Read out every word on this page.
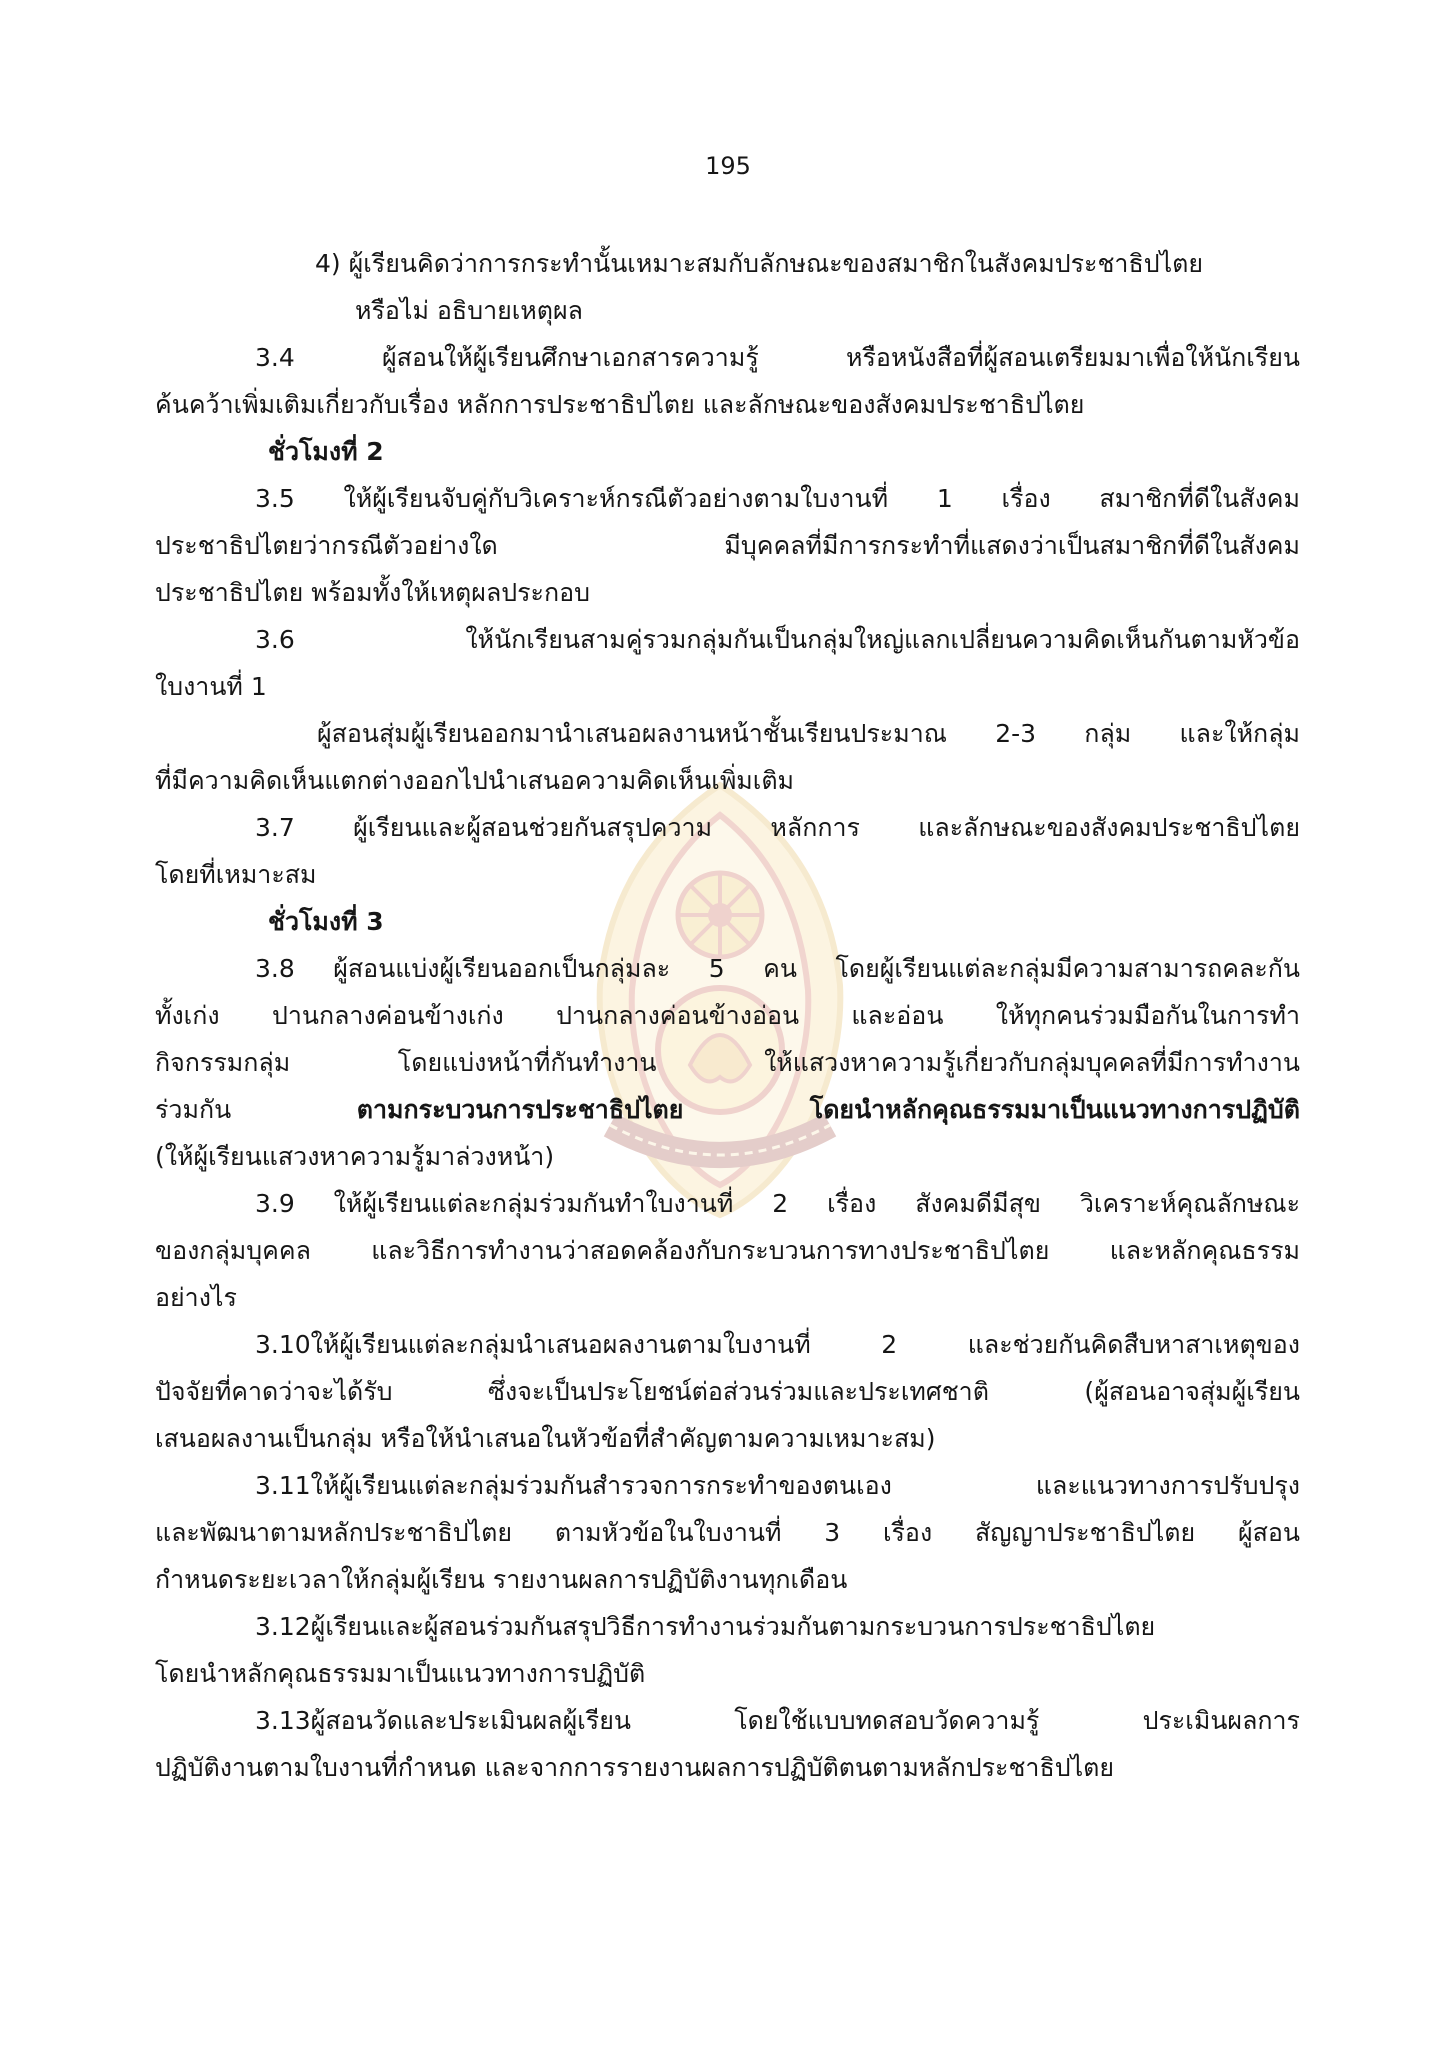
195
4) ผู้เรียนคิดว่าการกระทำนั้นเหมาะสมกับลักษณะของสมาชิกในสังคมประชาธิปไตย
หรือไม่ อธิบายเหตุผล
3.4 ผู้สอนให้ผู้เรียนศึกษาเอกสารความรู้ หรือหนังสือที่ผู้สอนเตรียมมาเพื่อให้นักเรียน
ค้นคว้าเพิ่มเติมเกี่ยวกับเรื่อง หลักการประชาธิปไตย และลักษณะของสังคมประชาธิปไตย
ชั่วโมงที่ 2
3.5 ให้ผู้เรียนจับคู่กับวิเคราะห์กรณีตัวอย่างตามใบงานที่ 1 เรื่อง สมาชิกที่ดีในสังคม
ประชาธิปไตยว่ากรณีตัวอย่างใด มีบุคคลที่มีการกระทำที่แสดงว่าเป็นสมาชิกที่ดีในสังคม
ประชาธิปไตย พร้อมทั้งให้เหตุผลประกอบ
3.6 ให้นักเรียนสามคู่รวมกลุ่มกันเป็นกลุ่มใหญ่แลกเปลี่ยนความคิดเห็นกันตามหัวข้อ
ใบงานที่ 1
ผู้สอนสุ่มผู้เรียนออกมานำเสนอผลงานหน้าชั้นเรียนประมาณ 2-3 กลุ่ม และให้กลุ่ม
ที่มีความคิดเห็นแตกต่างออกไปนำเสนอความคิดเห็นเพิ่มเติม
3.7 ผู้เรียนและผู้สอนช่วยกันสรุปความ หลักการ และลักษณะของสังคมประชาธิปไตย
โดยที่เหมาะสม
ชั่วโมงที่ 3
3.8 ผู้สอนแบ่งผู้เรียนออกเป็นกลุ่มละ 5 คน โดยผู้เรียนแต่ละกลุ่มมีความสามารถคละกัน
ทั้งเก่ง ปานกลางค่อนข้างเก่ง ปานกลางค่อนข้างอ่อน และอ่อน ให้ทุกคนร่วมมือกันในการทำ
กิจกรรมกลุ่ม โดยแบ่งหน้าที่กันทำงาน ให้แสวงหาความรู้เกี่ยวกับกลุ่มบุคคลที่มีการทำงาน
ร่วมกัน	ตามกระบวนการประชาธิปไตย โดยนำหลักคุณธรรมมาเป็นแนวทางการปฏิบัติ
(ให้ผู้เรียนแสวงหาความรู้มาล่วงหน้า)
3.9 ให้ผู้เรียนแต่ละกลุ่มร่วมกันทำใบงานที่ 2 เรื่อง สังคมดีมีสุข วิเคราะห์คุณลักษณะ
ของกลุ่มบุคคล และวิธีการทำงานว่าสอดคล้องกับกระบวนการทางประชาธิปไตย และหลักคุณธรรม
อย่างไร
3.10ให้ผู้เรียนแต่ละกลุ่มนำเสนอผลงานตามใบงานที่ 2 และช่วยกันคิดสืบหาสาเหตุของ
ปัจจัยที่คาดว่าจะได้รับ ซึ่งจะเป็นประโยชน์ต่อส่วนร่วมและประเทศชาติ (ผู้สอนอาจสุ่มผู้เรียน
เสนอผลงานเป็นกลุ่ม หรือให้นำเสนอในหัวข้อที่สำคัญตามความเหมาะสม)
3.11ให้ผู้เรียนแต่ละกลุ่มร่วมกันสำรวจการกระทำของตนเอง และแนวทางการปรับปรุง
และพัฒนาตามหลักประชาธิปไตย ตามหัวข้อในใบงานที่ 3 เรื่อง สัญญาประชาธิปไตย ผู้สอน
กำหนดระยะเวลาให้กลุ่มผู้เรียน รายงานผลการปฏิบัติงานทุกเดือน
3.12ผู้เรียนและผู้สอนร่วมกันสรุปวิธีการทำงานร่วมกันตามกระบวนการประชาธิปไตย
โดยนำหลักคุณธรรมมาเป็นแนวทางการปฏิบัติ
3.13ผู้สอนวัดและประเมินผลผู้เรียน โดยใช้แบบทดสอบวัดความรู้ ประเมินผลการ
ปฏิบัติงานตามใบงานที่กำหนด และจากการรายงานผลการปฏิบัติตนตามหลักประชาธิปไตย
